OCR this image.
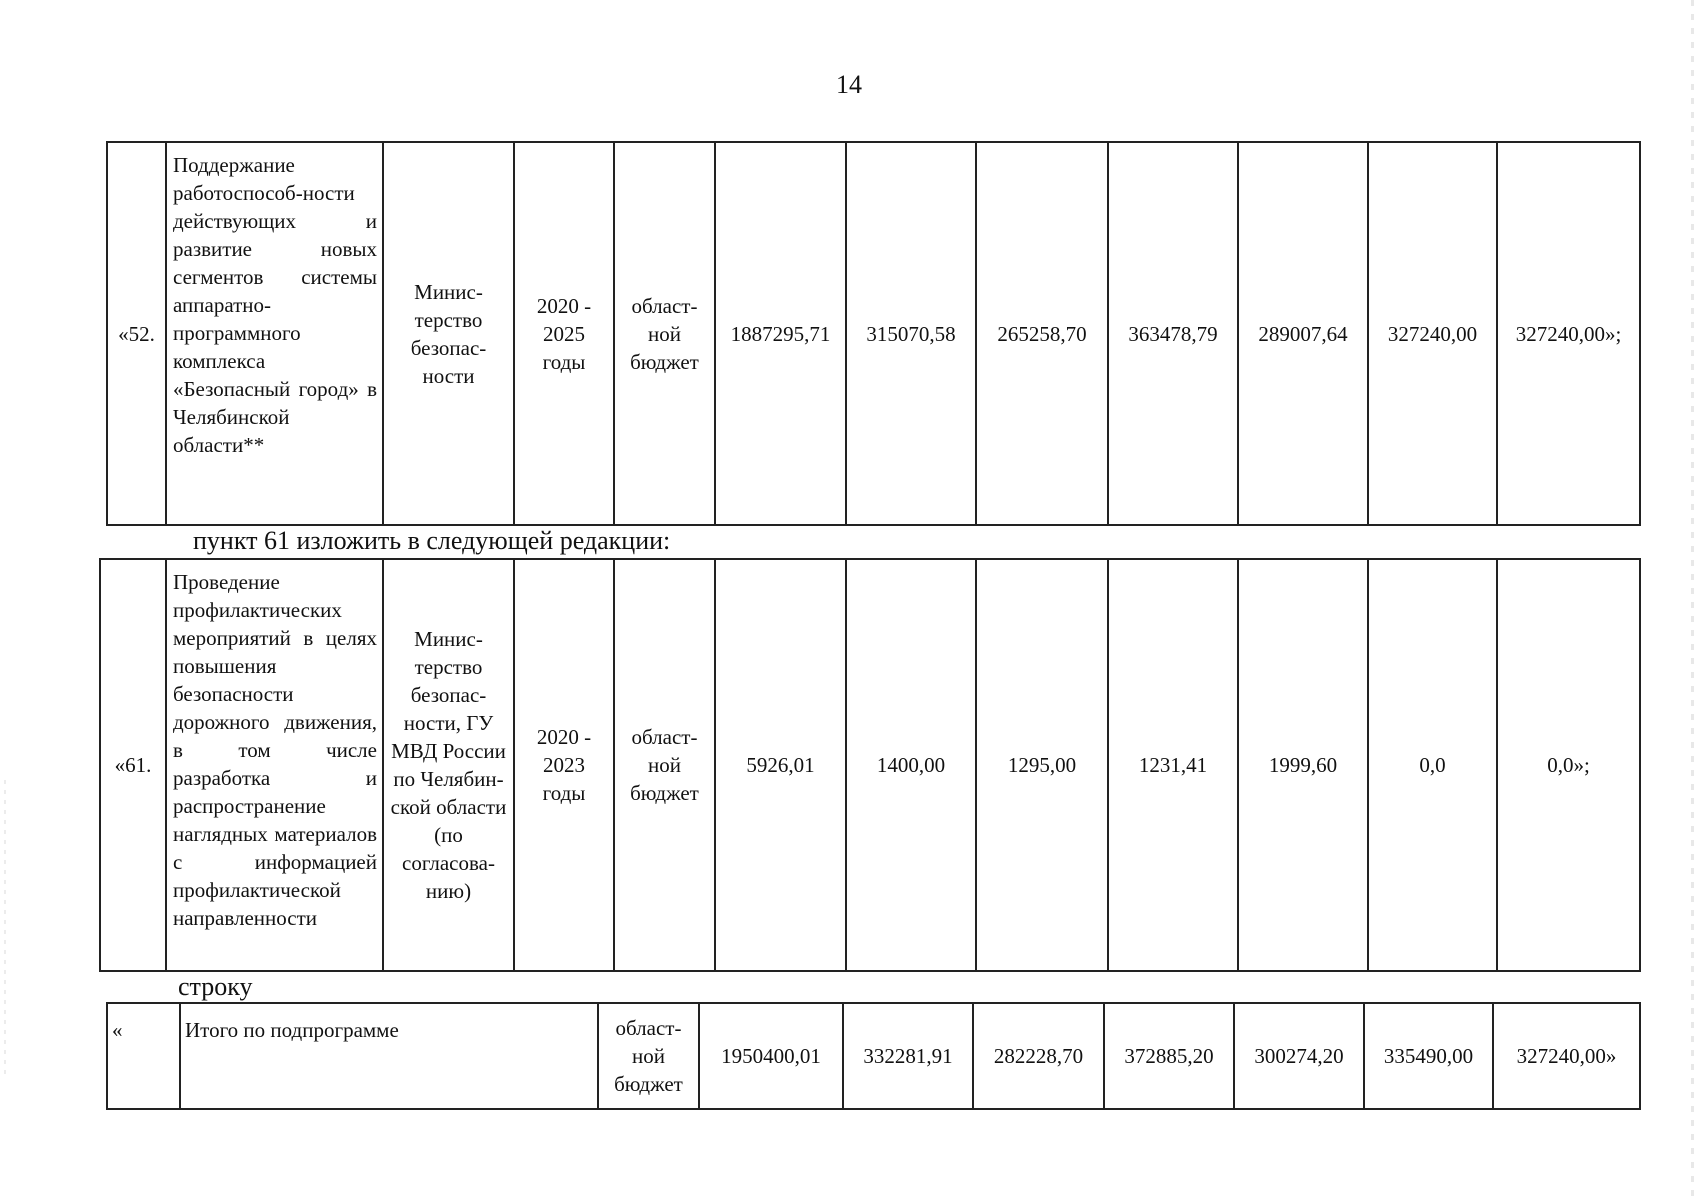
14
«52.	Поддержание работоспособ-ности действующих и развитие новых сегментов системы аппаратно-программного комплекса «Безопасный город» в Челябинской области**	Минис-терство безопас-ности	2020 - 2025 годы	област-ной бюджет	1887295,71	315070,58	265258,70	363478,79	289007,64	327240,00	327240,00»;
пункт 61 изложить в следующей редакции:
«61.	Проведение профилактических мероприятий в целях повышения безопасности дорожного движения, в том числе разработка и распространение наглядных материалов с информацией профилактической направленности	Минис-терство безопас-ности, ГУ МВД России по Челябин-ской области (по согласова-нию)	2020 - 2023 годы	област-ной бюджет	5926,01	1400,00	1295,00	1231,41	1999,60	0,0	0,0»;
строку
«	Итого по подпрограмме	област-ной бюджет	1950400,01	332281,91	282228,70	372885,20	300274,20	335490,00	327240,00»
